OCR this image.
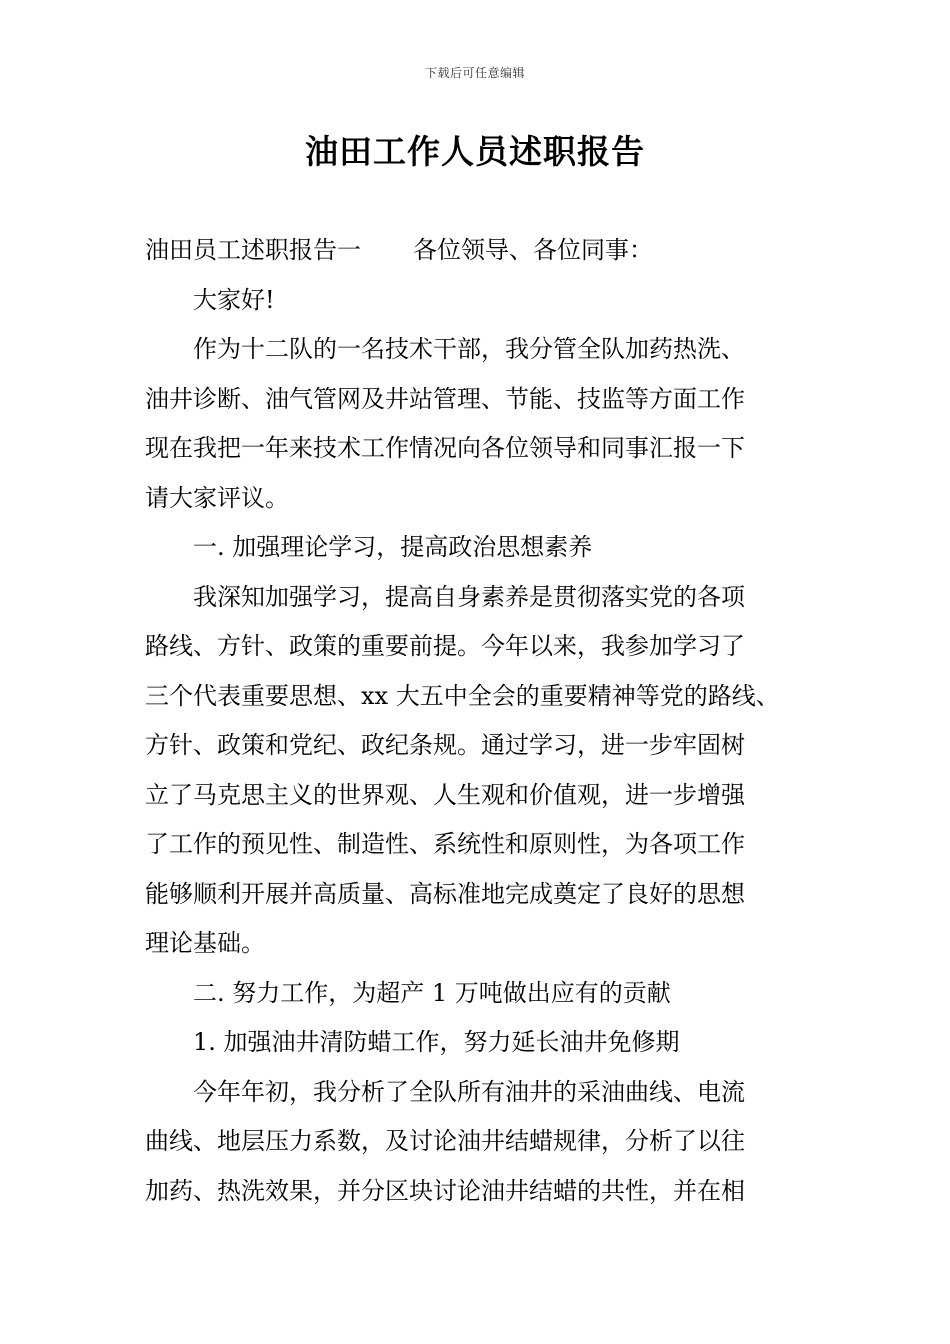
下载后可任意编辑
油田工作人员述职报告

油田员工述职报告一 各位领导、各位同事：

大家好!

作为十二队的一名技术干部，我分管全队加药热洗、
油井诊断、油气管网及井站管理、节能、技监等方面工作
现在我把一年来技术工作情况向各位领导和同事汇报一下
请大家评议。

一. 加强理论学习，提高政治思想素养

我深知加强学习，提高自身素养是贯彻落实党的各项
路线、方针、政策的重要前提。今年以来，我参加学习了
三个代表重要思想、xx 大五中全会的重要精神等党的路线、
方针、政策和党纪、政纪条规。通过学习，进一步牢固树
立了马克思主义的世界观、人生观和价值观，进一步增强
了工作的预见性、制造性、系统性和原则性，为各项工作
能够顺利开展并高质量、高标准地完成奠定了良好的思想
理论基础。

二. 努力工作，为超产 1 万吨做出应有的贡献

1. 加强油井清防蜡工作，努力延长油井免修期

今年年初，我分析了全队所有油井的采油曲线、电流
曲线、地层压力系数，及讨论油井结蜡规律，分析了以往
加药、热洗效果，并分区块讨论油井结蜡的共性，并在相
